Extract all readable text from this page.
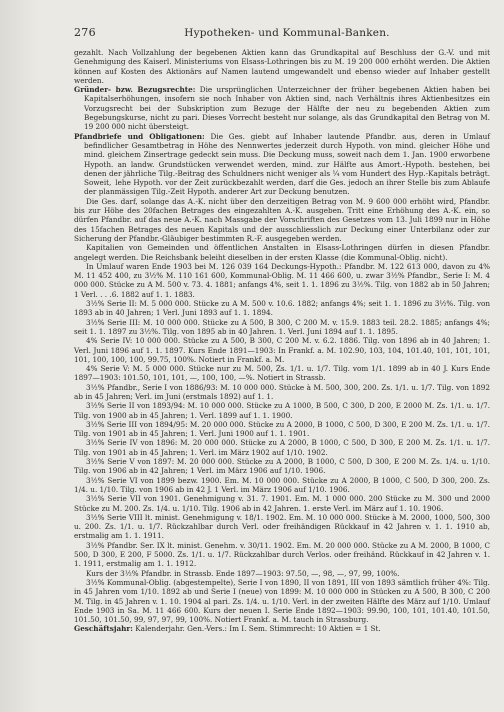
276	Hypotheken- und Kommunal-Banken.

gezahlt. Nach Vollzahlung der begebenen Aktien kann das Grundkapital auf Beschluss der G.-V. und mit Genehmigung des Kaiserl. Ministeriums von Elsass-Lothringen bis zu M. 19 200 000 erhöht werden. Die Aktien können auf Kosten des Aktionärs auf Namen lautend umgewandelt und ebenso wieder auf Inhaber gestellt werden.

Gründer- bzw. Bezugsrechte: Die ursprünglichen Unterzeichner der früher begebenen Aktien haben bei Kapitalserhöhungen, insofern sie noch Inhaber von Aktien sind, nach Verhältnis ihres Aktienbesitzes ein Vorzugsrecht bei der Subskription zum Bezuge der Hälfte der neu zu begebenden Aktien zum Begebungskurse, nicht zu pari. Dieses Vorrecht besteht nur solange, als das Grundkapital den Betrag von M. 19 200 000 nicht übersteigt.

Pfandbriefe und Obligationen: Die Ges. giebt auf Inhaber lautende Pfandbr. aus, deren in Umlauf befindlicher Gesamtbetrag in Höhe des Nennwertes jederzeit durch Hypoth. von mind. gleicher Höhe und mind. gleichem Zinsertrage gedeckt sein muss. Die Deckung muss, soweit nach dem 1. Jan. 1900 erworbene Hypoth. an landw. Grundstücken verwendet werden, mind. zur Hälfte aus Amort.-Hypoth. bestehen, bei denen der jährliche Tilg.-Beitrag des Schuldners nicht weniger als ¼ vom Hundert des Hyp.-Kapitals beträgt. Soweit,  lehe Hypoth. vor der Zeit zurückbezahlt werden, darf die Ges. jedoch an ihrer Stelle bis zum Ablaufe der planmässigen Tilg.-Zeit Hypoth. anderer Art zur Deckung benutzen.

Die Ges. darf, solange das A.-K. nicht über den derzeitigen Betrag von M. 9 600 000 erhöht wird, Pfandbr. bis zur Höhe des 20fachen Betrages des eingezahlten A.-K. ausgeben. Tritt eine Erhöhung des A.-K. ein, so dürfen Pfandbr. auf das neue A.-K. nach Massgabe der Vorschriften des Gesetzes vom 13. Juli 1899 nur in Höhe des 15fachen Betrages des neuen Kapitals und der ausschliesslich zur Deckung einer Unterbilanz oder zur Sicherung der Pfandbr.-Gläubiger bestimmten R.-F. ausgegeben werden.

Kapitalien von Gemeinden und öffentlichen Anstalten in Elsass-Lothringen dürfen in diesen Pfandbr. angelegt werden. Die Reichsbank beleiht dieselben in der ersten Klasse (die Kommunal-Oblig. nicht).

In Umlauf waren Ende 1903 bei M. 126 039 164 Deckungs-Hypoth.: Pfandbr. M. 122 613 000, davon zu 4% M. 11 452 400, zu 3½% M. 110 161 600, Kommunal-Oblig. M. 11 466 600, u. zwar 3½% Pfandbr., Serie I: M. 4 000 000. Stücke zu A M. 500 v. 73. 4. 1881; anfangs 4%, seit 1. 1. 1896 zu 3½%. Tilg. von 1882 ab in 50 Jahren; 1 Verl. . . .6. 1882 auf 1. 1. 1883.

3½% Serie II: M. 5 000 000. Stücke zu A M. 500 v. 10.6. 1882; anfangs 4%; seit 1. 1. 1896 zu 3½%. Tilg. von 1893 ab in 40 Jahren; 1 Verl. Juni 1893 auf 1. 1. 1894.

3½% Serie III: M. 10 000 000. Stücke zu A 500, B 300, C 200 M. v. 15.9. 1883 teil. 28.2. 1885; anfangs 4%; seit 1. 1. 1897 zu 3½%. Tilg. von 1895 ab in 40 Jahren. 1. Verl. Juni 1894 auf 1. 1. 1895.

4% Serie IV: 10 000 000. Stücke zu A 500, B 300, C 200 M. v. 6.2. 1886. Tilg. von 1896 ab in 40 Jahren; 1. Verl. Juni 1896 auf 1. 1. 1897. Kurs Ende 1891—1903: In Frankf. a. M. 102.90, 103, 104, 101.40, 101, 101, 101, 101, 100, 100, 100, 99.75, 100%. Notiert in Frankf. a. M.

4% Serie V: M. 5 000 000. Stücke nur zu M. 500, Zs. 1/1. u. 1/7. Tilg. vom 1/1. 1899 ab in 40 J. Kurs Ende 1897—1903: 101.50, 101, 101, —, 100, 100, —%. Notiert in Strassb.

3½% Pfandbr., Serie I von 1886/93: M. 10 000 000. Stücke à M. 500, 300, 200. Zs. 1/1. u. 1/7. Tilg. von 1892 ab in 45 Jahren; Verl. im Juni (erstmals 1892) auf 1. 1.

3½% Serie II von 1893/94: M. 10 000 000. Stücke zu A 1000, B 500, C 300, D 200, E 2000 M. Zs. 1/1. u. 1/7. Tilg. von 1900 ab in 45 Jahren; 1. Verl. 1899 auf 1. 1. 1900.

3½% Serie III von 1894/95: M. 20 000 000. Stücke zu A 2000, B 1000, C 500, D 300, E 200 M. Zs. 1/1. u. 1/7. Tilg. von 1901 ab in 45 Jahren; 1. Verl. Juni 1900 auf 1. 1. 1901.

3½% Serie IV von 1896: M. 20 000 000. Stücke zu A 2000, B 1000, C 500, D 300, E 200 M. Zs. 1/1. u. 1/7. Tilg. von 1901 ab in 45 Jahren; 1. Verl. im März 1902 auf 1/10. 1902.

3½% Serie V von 1897: M. 20 000 000. Stücke zu A 2000, B 1000, C 500, D 300, E 200 M. Zs. 1/4. u. 1/10. Tilg. von 1906 ab in 42 Jahren; 1 Verl. im März 1906 auf 1/10. 1906.

3½% Serie VI von 1899 bezw. 1900. Em. M. 10 000 000. Stücke zu A 2000, B 1000, C 500, D 300, 200. Zs. 1/4. u. 1/10. Tilg. von 1906 ab in 42 J. 1 Verl. im März 1906 auf 1/10. 1906.

3½% Serie VII von 1901. Genehmigung v. 31. 7. 1901. Em. M. 1 000 000. 200 Stücke zu M. 300 und 2000 Stücke zu M. 200. Zs. 1/4. u. 1/10. Tilg. 1906 ab in 42 Jahren. 1. erste Verl. im März auf 1. 10. 1906.

3½% Serie VIII lt. minist. Genehmigung v. 18/1. 1902. Em. M. 10 000 000. Stücke à M. 2000, 1000, 500, 300 u. 200. Zs. 1/1. u. 1/7. Rückzahlbar durch Verl. oder freihändigen Rückkauf in 42 Jahren v. 1. 1. 1910 ab, erstmalig am 1. 1. 1911.

3½% Pfandbr. Ser. IX lt. minist. Genehm. v. 30/11. 1902. Em. M. 20 000 000. Stücke zu A M. 2000, B 1000, C 500, D 300, E 200, F 5000. Zs. 1/1. u. 1/7. Rückzahlbar durch Verlos. oder freihänd. Rückkauf in 42 Jahren v. 1. 1. 1911, erstmalig am 1. 1. 1912.

Kurs der 3½% Pfandbr. in Strassb. Ende 1897—1903: 97.50, —, 98, —, 97, 99, 100%.

3½% Kommunal-Oblig. (abgestempelte), Serie I von 1890, II von 1891, III von 1893 sämtlich früher 4%: Tilg. in 45 Jahren vom 1/10. 1892 ab und Serie I (neue) von 1899: M. 10 000 000 in Stücken zu A 500, B 300, C 200 M. Tilg. in 45 Jahren v. 1. 10. 1904 al pari. Zs. 1/4. u. 1/10. Verl. in der zweiten Hälfte des März auf 1/10. Umlauf Ende 1903 in Sa. M. 11 466 600. Kurs der neuen I. Serie Ende 1892—1903: 99.90, 100, 101, 101.40, 101.50, 101.50, 101.50, 99, 97, 97, 99, 100%. Notiert Frankf. a. M. tauch in Strassburg.

Geschäftsjahr: Kalenderjahr. Gen.-Vers.: Im I. Sem. Stimmrecht: 10 Aktien = 1 St.
